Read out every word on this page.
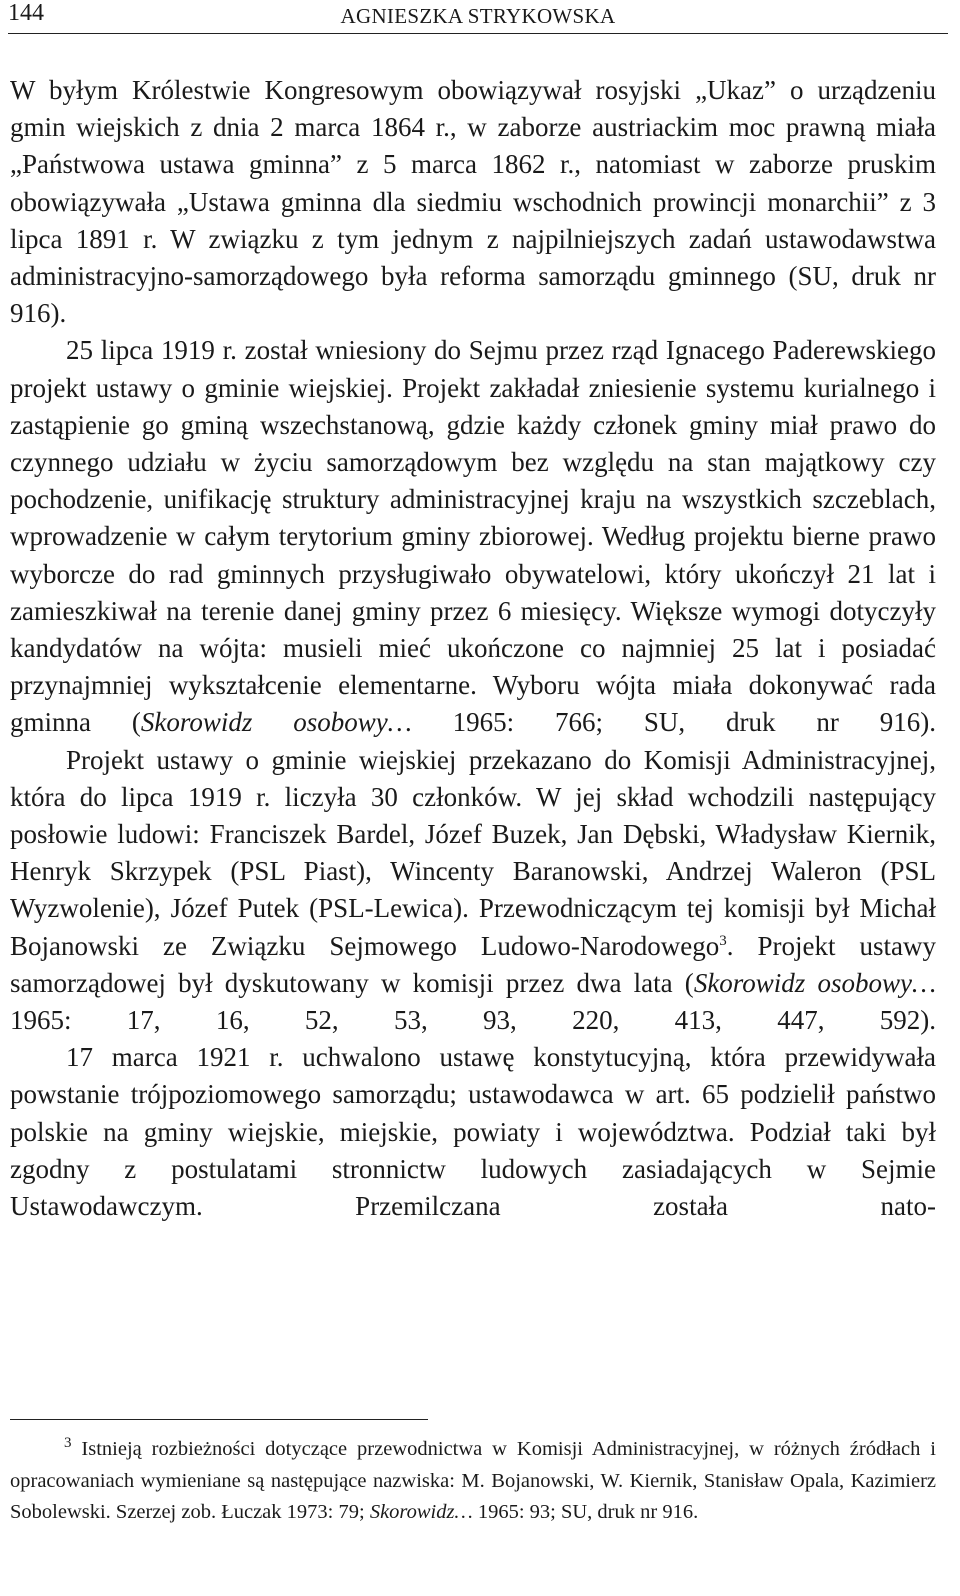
144	AGNIESZKA STRYKOWSKA

W byłym Królestwie Kongresowym obowiązywał rosyjski „Ukaz” o urządzeniu gmin wiejskich z dnia 2 marca 1864 r., w zaborze austriackim moc prawną miała „Państwowa ustawa gminna” z 5 marca 1862 r., natomiast w zaborze pruskim obowiązywała „Ustawa gminna dla siedmiu wschodnich prowincji monarchii” z 3 lipca 1891 r. W związku z tym jednym z najpilniejszych zadań ustawodawstwa administracyjno-samorządowego była reforma samorządu gminnego (SU, druk nr 916).

25 lipca 1919 r. został wniesiony do Sejmu przez rząd Ignacego Paderewskiego projekt ustawy o gminie wiejskiej. Projekt zakładał zniesienie systemu kurialnego i zastąpienie go gminą wszechstanową, gdzie każdy członek gminy miał prawo do czynnego udziału w życiu samorządowym bez względu na stan majątkowy czy pochodzenie, unifikację struktury administracyjnej kraju na wszystkich szczeblach, wprowadzenie w całym terytorium gminy zbiorowej. Według projektu bierne prawo wyborcze do rad gminnych przysługiwało obywatelowi, który ukończył 21 lat i zamieszkiwał na terenie danej gminy przez 6 miesięcy. Większe wymogi dotyczyły kandydatów na wójta: musieli mieć ukończone co najmniej 25 lat i posiadać przynajmniej wykształcenie elementarne. Wyboru wójta miała dokonywać rada gminna (Skorowidz osobowy… 1965: 766; SU, druk nr 916).

Projekt ustawy o gminie wiejskiej przekazano do Komisji Administracyjnej, która do lipca 1919 r. liczyła 30 członków. W jej skład wchodzili następujący posłowie ludowi: Franciszek Bardel, Józef Buzek, Jan Dębski, Władysław Kiernik, Henryk Skrzypek (PSL Piast), Wincenty Baranowski, Andrzej Waleron (PSL Wyzwolenie), Józef Putek (PSL-Lewica). Przewodniczącym tej komisji był Michał Bojanowski ze Związku Sejmowego Ludowo-Narodowego$^3$. Projekt ustawy samorządowej był dyskutowany w komisji przez dwa lata (Skorowidz osobowy… 1965: 17, 16, 52, 53, 93, 220, 413, 447, 592).

17 marca 1921 r. uchwalono ustawę konstytucyjną, która przewidywała powstanie trójpoziomowego samorządu; ustawodawca w art. 65 podzielił państwo polskie na gminy wiejskie, miejskie, powiaty i województwa. Podział taki był zgodny z postulatami stronnictw ludowych zasiadających w Sejmie Ustawodawczym. Przemilczana została nato-

$^3$ Istnieją rozbieżności dotyczące przewodnictwa w Komisji Administracyjnej, w różnych źródłach i opracowaniach wymieniane są następujące nazwiska: M. Bojanowski, W. Kiernik, Stanisław Opala, Kazimierz Sobolewski. Szerzej zob. Łuczak 1973: 79; Skorowidz… 1965: 93; SU, druk nr 916.
